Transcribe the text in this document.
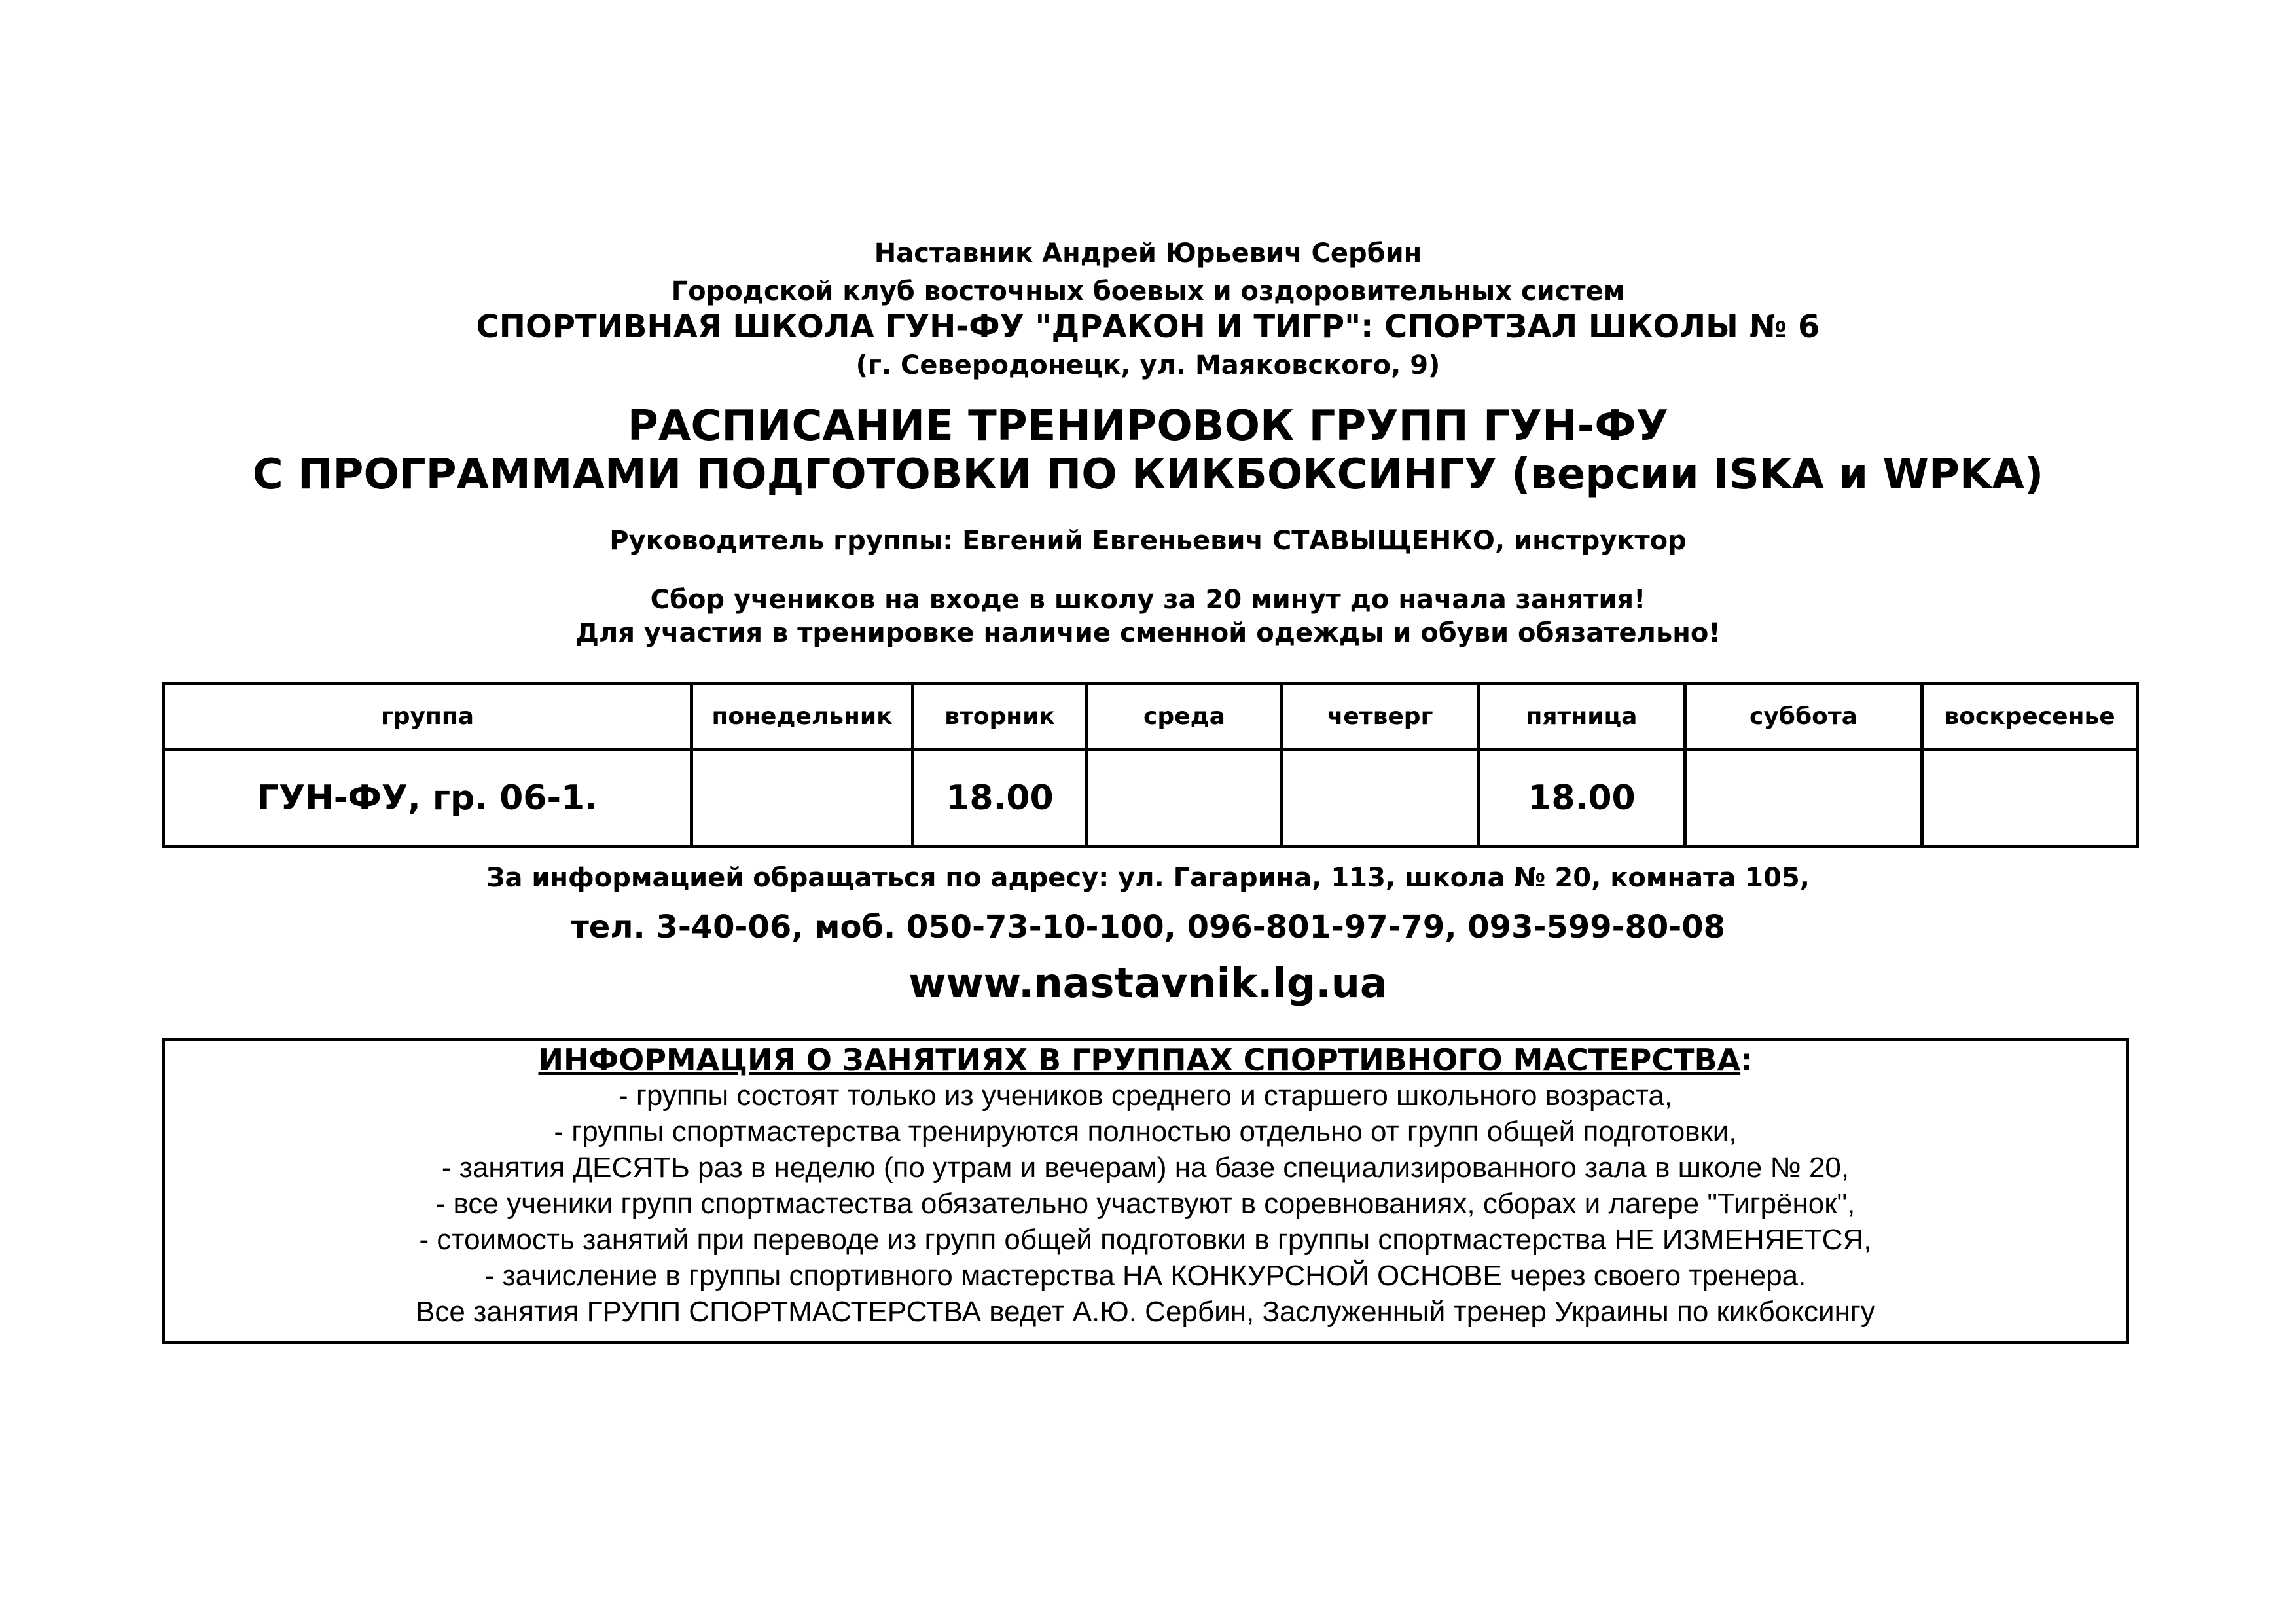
Наставник Андрей Юрьевич Сербин
Городской клуб восточных боевых и оздоровительных систем
СПОРТИВНАЯ ШКОЛА ГУН-ФУ "ДРАКОН И ТИГР": СПОРТЗАЛ ШКОЛЫ № 6
(г. Северодонецк, ул. Маяковского, 9)
РАСПИСАНИЕ ТРЕНИРОВОК ГРУПП ГУН-ФУ
С ПРОГРАММАМИ ПОДГОТОВКИ ПО КИКБОКСИНГУ (версии ISKA и WPKA)
Руководитель группы: Евгений Евгеньевич СТАВЫЩЕНКО, инструктор
Сбор учеников на входе в школу за 20 минут до начала занятия!
Для участия в тренировке наличие сменной одежды и обуви обязательно!
группа	понедельник	вторник	среда	четверг	пятница	суббота	воскресенье
ГУН-ФУ, гр. 06-1.		18.00			18.00		
За информацией обращаться по адресу: ул. Гагарина, 113, школа № 20, комната 105,
тел. 3-40-06, моб. 050-73-10-100, 096-801-97-79, 093-599-80-08
www.nastavnik.lg.ua
ИНФОРМАЦИЯ О ЗАНЯТИЯХ В ГРУППАХ СПОРТИВНОГО МАСТЕРСТВА:
- группы состоят только из учеников среднего и старшего школьного возраста,
- группы спортмастерства тренируются полностью отдельно от групп общей подготовки,
- занятия ДЕСЯТЬ раз в неделю (по утрам и вечерам) на базе специализированного зала в школе № 20,
- все ученики групп спортмастества обязательно участвуют в соревнованиях, сборах и лагере "Тигрёнок",
- стоимость занятий при переводе из групп общей подготовки в группы спортмастерства НЕ ИЗМЕНЯЕТСЯ,
- зачисление в группы спортивного мастерства НА КОНКУРСНОЙ ОСНОВЕ через своего тренера.
Все занятия ГРУПП СПОРТМАСТЕРСТВА ведет А.Ю. Сербин, Заслуженный тренер Украины по кикбоксингу
